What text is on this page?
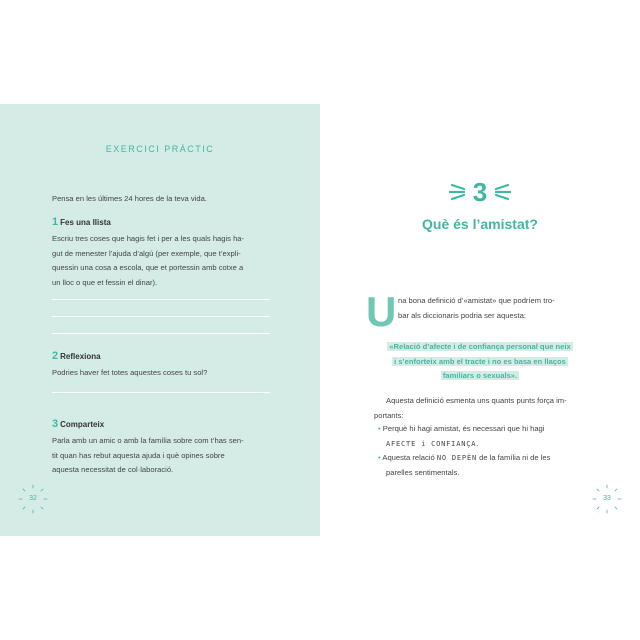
EXERCICI PRÀCTIC
Pensa en les últimes 24 hores de la teva vida.
1 Fes una llista
Escriu tres coses que hagis fet i per a les quals hagis ha-
gut de menester l’ajuda d’algú (per exemple, que t’expli-
quessin una cosa a escola, que et portessin amb cotxe a
un lloc o que et fessin el dinar).
2 Reflexiona
Podries haver fet totes aquestes coses tu sol?
3 Comparteix
Parla amb un amic o amb la família sobre com t’has sen-
tit quan has rebut aquesta ajuda i què opines sobre
aquesta necessitat de col·laboració.
32
3
Què és l’amistat?
U na bona definició d’«amistat» que podríem tro-
bar als diccionaris podria ser aquesta:
«Relació d’afecte i de confiança personal que neix
i s’enforteix amb el tracte i no es basa en llaços
familiars o sexuals».
Aquesta definició esmenta uns quants punts força im-
portants:
• Perquè hi hagi amistat, és necessari que hi hagi
AFECTE i CONFIANÇA.
• Aquesta relació NO DEPÈN de la família ni de les
parelles sentimentals.
33
